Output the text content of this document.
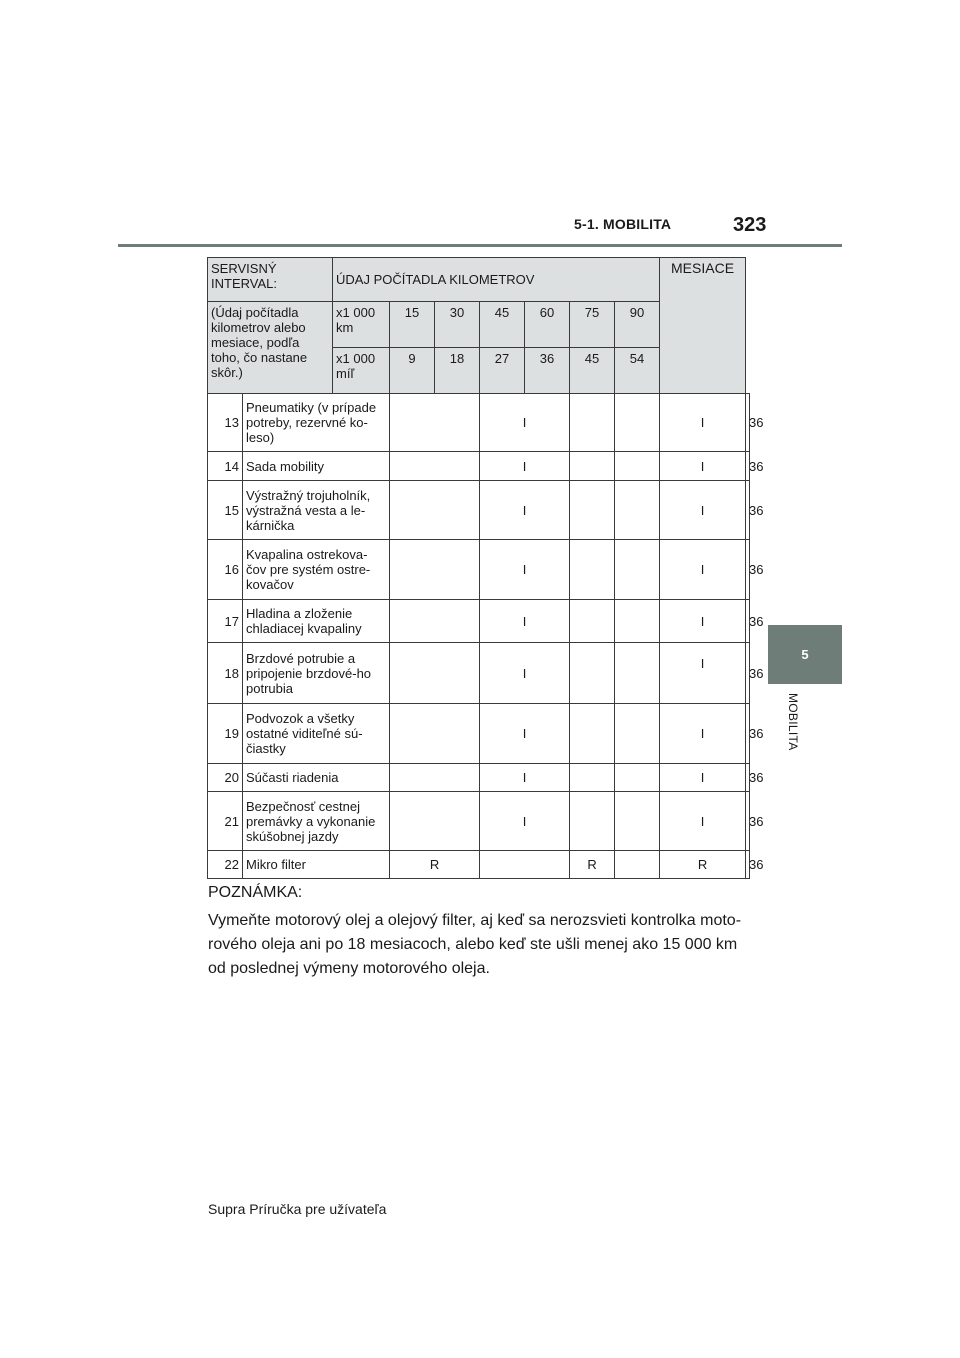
5-1. MOBILITA	323
5
MOBILITA
SERVISNÝ INTERVAL:		ÚDAJ POČÍTADLA KILOMETROV							MESIACE	
(Údaj počítadla kilometrov alebo mesiace, podľa toho, čo nastane skôr.)		x1 000 km	15	30	45	60	75	90		
		x1 000 míľ	9	18	27	36	45	54		
13	Pneumatiky (v prípade potreby, rezervné ko-leso)				I				I	36
14	Sada mobility				I				I	36
15	Výstražný trojuholník, výstražná vesta a le-kárnička				I				I	36
16	Kvapalina ostrekova-čov pre systém ostre-kovačov				I				I	36
17	Hladina a zloženie chladiacej kvapaliny				I				I	36
18	Brzdové potrubie a pripojenie brzdové-ho potrubia				I				I	36
19	Podvozok a všetky ostatné viditeľné sú-čiastky				I				I	36
20	Súčasti riadenia				I				I	36
21	Bezpečnosť cestnej premávky a vykonanie skúšobnej jazdy				I				I	36
22	Mikro filter		R				R		R	36
POZNÁMKA:
Vymeňte motorový olej a olejový filter, aj keď sa nerozsvieti kontrolka moto-rového oleja ani po 18 mesiacoch, alebo keď ste ušli menej ako 15 000 km od poslednej výmeny motorového oleja.
Supra Príručka pre užívateľa
